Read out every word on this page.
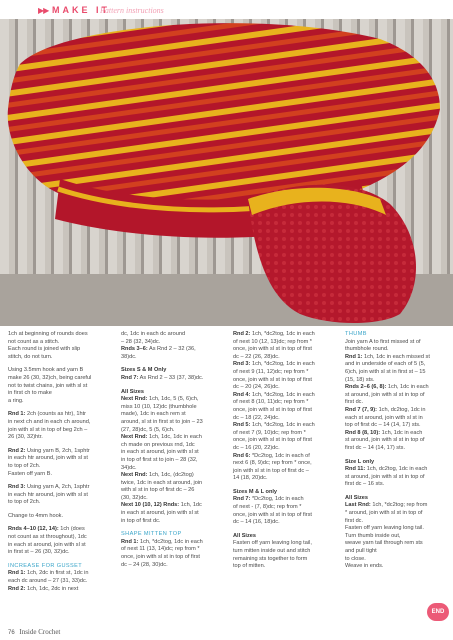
▶▶ MAKE IT
Pattern instructions

1ch at beginning of rounds does
not count as a stitch.
Each round is joined with slip
stitch, do not turn.

Using 3.5mm hook and yarn B
make 26 (30, 32)ch, being careful
not to twist chains, join with sl st
in first ch to make
a ring.

Rnd 1: 2ch (counts as htr), 1htr
in next ch and in each ch around,
join with sl st in top of beg 2ch –
26 (30, 32)htr.

Rnd 2: Using yarn B, 2ch, 1sphtr
in each htr around, join with sl st
to top of 2ch.
Fasten off yarn B.

Rnd 3: Using yarn A, 2ch, 1sphtr
in each htr around, join with sl st
to top of 2ch.

Change to 4mm hook.

Rnds 4–10 (12, 14): 1ch (does
not count as st throughout), 1dc
in each st around, join with sl st
in first st – 26 (30, 32)dc.

INCREASE FOR GUSSET

Rnd 1: 1ch, 2dc in first st, 1dc in
each dc around – 27 (31, 33)dc.

Rnd 2: 1ch, 1dc, 2dc in next

dc, 1dc in each dc around
– 28 (32, 34)dc.

Rnds 3–6: As Rnd 2 – 32 (36,
38)dc.

Sizes S & M Only

Rnd 7: As Rnd 2 – 33 (37, 38)dc.

All Sizes

Next Rnd: 1ch, 1dc, 5 (5, 6)ch,
miss 10 (10, 12)dc (thumbhole
made), 1dc in each rem st
around, sl st in first st to join – 23
(27, 28)dc, 5 (5, 6)ch.

Next Rnd: 1ch, 1dc, 1dc in each
ch made on previous rnd, 1dc
in each st around, join with sl st
in top of first st to join – 28 (32,
34)dc.

Next Rnd: 1ch, 1dc, (dc2tog)
twice, 1dc in each st around, join
with sl st in top of first dc – 26
(30, 32)dc.

Next 10 (10, 12) Rnds: 1ch, 1dc
in each st around, join with sl st
in top of first dc.

SHAPE MITTEN TOP

Rnd 1: 1ch, *dc2tog, 1dc in each
of next 11 (13, 14)dc; rep from *
once, join with sl st in top of first
dc – 24 (28, 30)dc.

Rnd 2: 1ch, *dc2tog, 1dc in each
of next 10 (12, 13)dc; rep from *
once, join with sl st in top of first
dc – 22 (26, 28)dc.

Rnd 3: 1ch, *dc2tog, 1dc in each
of next 9 (11, 12)dc; rep from *
once, join with sl st in top of first
dc – 20 (24, 26)dc.

Rnd 4: 1ch, *dc2tog, 1dc in each
of next 8 (10, 11)dc; rep from *
once, join with sl st in top of first
dc – 18 (22, 24)dc.

Rnd 5: 1ch, *dc2tog, 1dc in each
of next 7 (9, 10)dc; rep from *
once, join with sl st in top of first
dc – 16 (20, 22)dc.

Rnd 6: *Dc2tog, 1dc in each of
next 6 (8, 9)dc; rep from * once,
join with sl st in top of first dc –
14 (18, 20)dc.

Sizes M & L only

Rnd 7: *Dc2tog, 1dc in each
of next - (7, 8)dc; rep from *
once, join with sl st in top of first
dc – 14 (16, 18)dc.

All Sizes

Fasten off yarn leaving long tail,
turn mitten inside out and stitch
remaining sts together to form
top of mitten.

THUMB

Join yarn A to first missed st of
thumbhole round.

Rnd 1: 1ch, 1dc in each missed st
and in underside of each of 5 (5,
6)ch, join with sl st in first st – 15
(15, 18) sts.

Rnds 2–6 (6, 8): 1ch, 1dc in each
st around, join with sl st in top of
first dc.

Rnd 7 (7, 9): 1ch, dc2tog, 1dc in
each st around, join with sl st in
top of first dc – 14 (14, 17) sts.

Rnd 8 (8, 10): 1ch, 1dc in each
st around, join with sl st in top of
first dc – 14 (14, 17) sts.

Size L only

Rnd 11: 1ch, dc2tog, 1dc in each
st around, join with sl st in top of
first dc – 16 sts.

All Sizes

Last Rnd: 1ch, *dc2tog; rep from
* around, join with sl st in top of
first dc.
Fasten off yarn leaving long tail.
Turn thumb inside out,
weave yarn tail through rem sts
and pull tight
to close.
Weave in ends.

END
76 Inside Crochet
